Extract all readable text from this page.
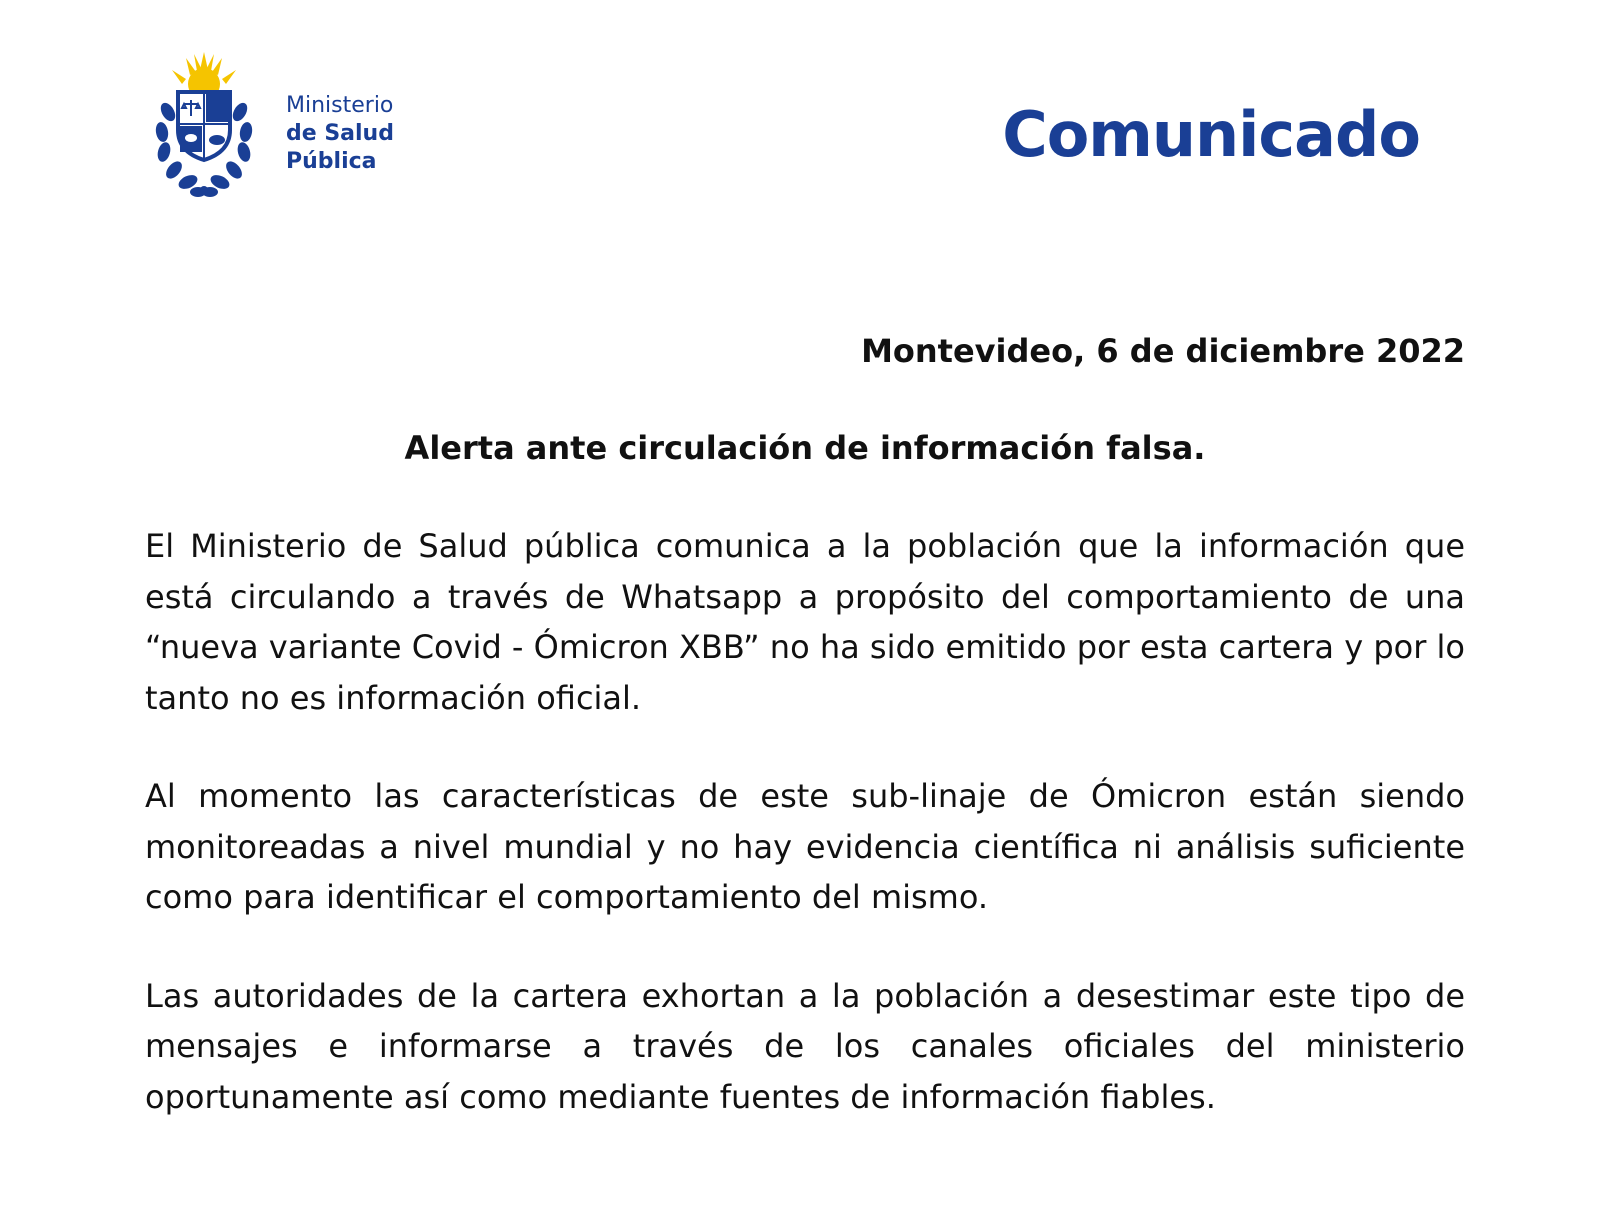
Ministerio
de Salud
Pública	Comunicado

Montevideo, 6 de diciembre 2022

Alerta ante circulación de información falsa.

El Ministerio de Salud pública comunica a la población que la información que está circulando a través de Whatsapp a propósito del comportamiento de una “nueva variante Covid - Ómicron XBB” no ha sido emitido por esta cartera y por lo tanto no es información oficial.

Al momento las características de este sub-linaje de Ómicron están siendo monitoreadas a nivel mundial y no hay evidencia científica ni análisis suficiente como para identificar el comportamiento del mismo.

Las autoridades de la cartera exhortan a la población a desestimar este tipo de mensajes e informarse a través de los canales oficiales del ministerio oportunamente así como mediante fuentes de información fiables.
